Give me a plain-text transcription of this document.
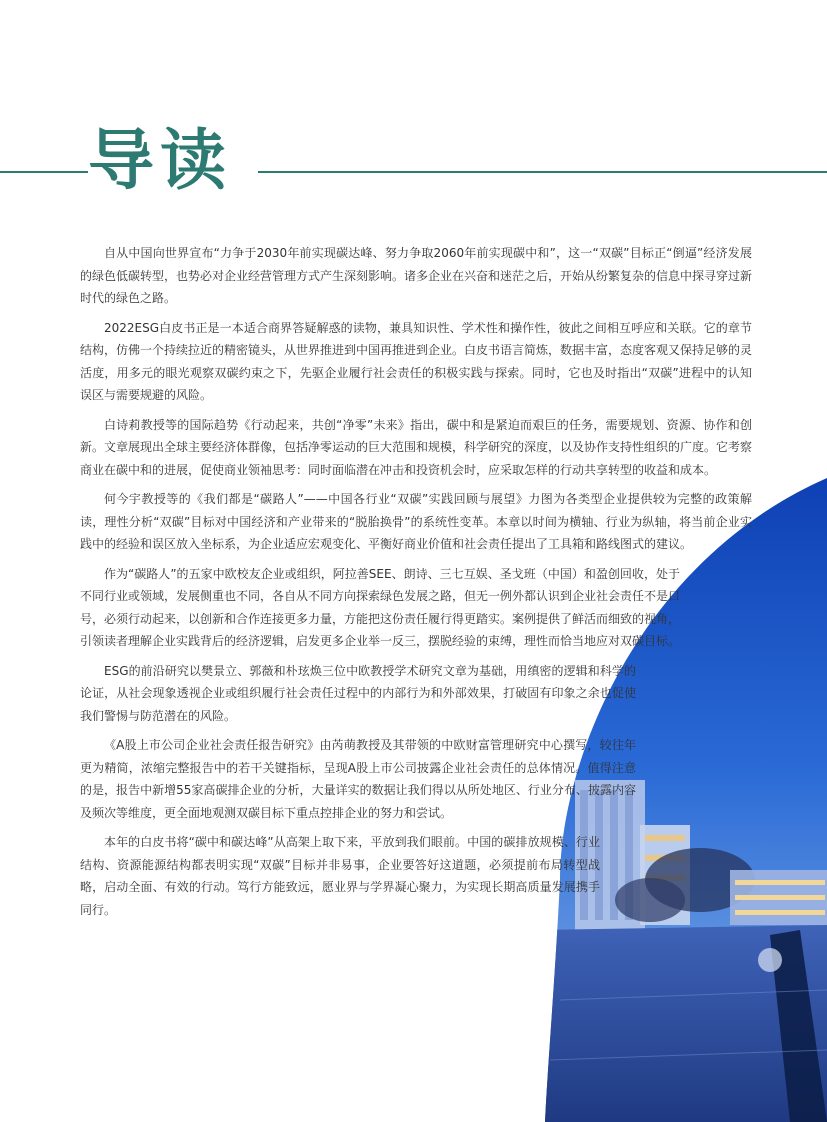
导读

自从中国向世界宣布“力争于2030年前实现碳达峰、努力争取2060年前实现碳中和”，这一“双碳”目标正“倒逼”经济发展的绿色低碳转型，也势必对企业经营管理方式产生深刻影响。诸多企业在兴奋和迷茫之后，开始从纷繁复杂的信息中探寻穿过新时代的绿色之路。

2022ESG白皮书正是一本适合商界答疑解惑的读物，兼具知识性、学术性和操作性，彼此之间相互呼应和关联。它的章节结构，仿佛一个持续拉近的精密镜头，从世界推进到中国再推进到企业。白皮书语言简炼，数据丰富，态度客观又保持足够的灵活度，用多元的眼光观察双碳约束之下，先驱企业履行社会责任的积极实践与探索。同时，它也及时指出“双碳”进程中的认知误区与需要规避的风险。

白诗莉教授等的国际趋势《行动起来，共创“净零”未来》指出，碳中和是紧迫而艰巨的任务，需要规划、资源、协作和创新。文章展现出全球主要经济体群像，包括净零运动的巨大范围和规模，科学研究的深度，以及协作支持性组织的广度。它考察商业在碳中和的进展，促使商业领袖思考：同时面临潜在冲击和投资机会时，应采取怎样的行动共享转型的收益和成本。

何今宇教授等的《我们都是“碳路人”——中国各行业“双碳”实践回顾与展望》力图为各类型企业提供较为完整的政策解读，理性分析“双碳”目标对中国经济和产业带来的“脱胎换骨”的系统性变革。本章以时间为横轴、行业为纵轴，将当前企业实践中的经验和误区放入坐标系，为企业适应宏观变化、平衡好商业价值和社会责任提出了工具箱和路线图式的建议。

作为“碳路人”的五家中欧校友企业或组织，阿拉善SEE、朗诗、三七互娱、圣戈班（中国）和盈创回收，处于不同行业或领域，发展侧重也不同，各自从不同方向探索绿色发展之路，但无一例外都认识到企业社会责任不是口号，必须行动起来，以创新和合作连接更多力量，方能把这份责任履行得更踏实。案例提供了鲜活而细致的视角，引领读者理解企业实践背后的经济逻辑，启发更多企业举一反三，摆脱经验的束缚，理性而恰当地应对双碳目标。

ESG的前沿研究以樊景立、郭薇和朴玹焕三位中欧教授学术研究文章为基础，用缜密的逻辑和科学的论证，从社会现象透视企业或组织履行社会责任过程中的内部行为和外部效果，打破固有印象之余也促使我们警惕与防范潜在的风险。

《A股上市公司企业社会责任报告研究》由芮萌教授及其带领的中欧财富管理研究中心撰写，较往年更为精简，浓缩完整报告中的若干关键指标，呈现A股上市公司披露企业社会责任的总体情况。值得注意的是，报告中新增55家高碳排企业的分析，大量详实的数据让我们得以从所处地区、行业分布、披露内容及频次等维度，更全面地观测双碳目标下重点控排企业的努力和尝试。

本年的白皮书将“碳中和碳达峰”从高架上取下来，平放到我们眼前。中国的碳排放规模、行业结构、资源能源结构都表明实现“双碳”目标并非易事，企业要答好这道题，必须提前布局转型战略，启动全面、有效的行动。笃行方能致远，愿业界与学界凝心聚力，为实现长期高质量发展携手同行。
